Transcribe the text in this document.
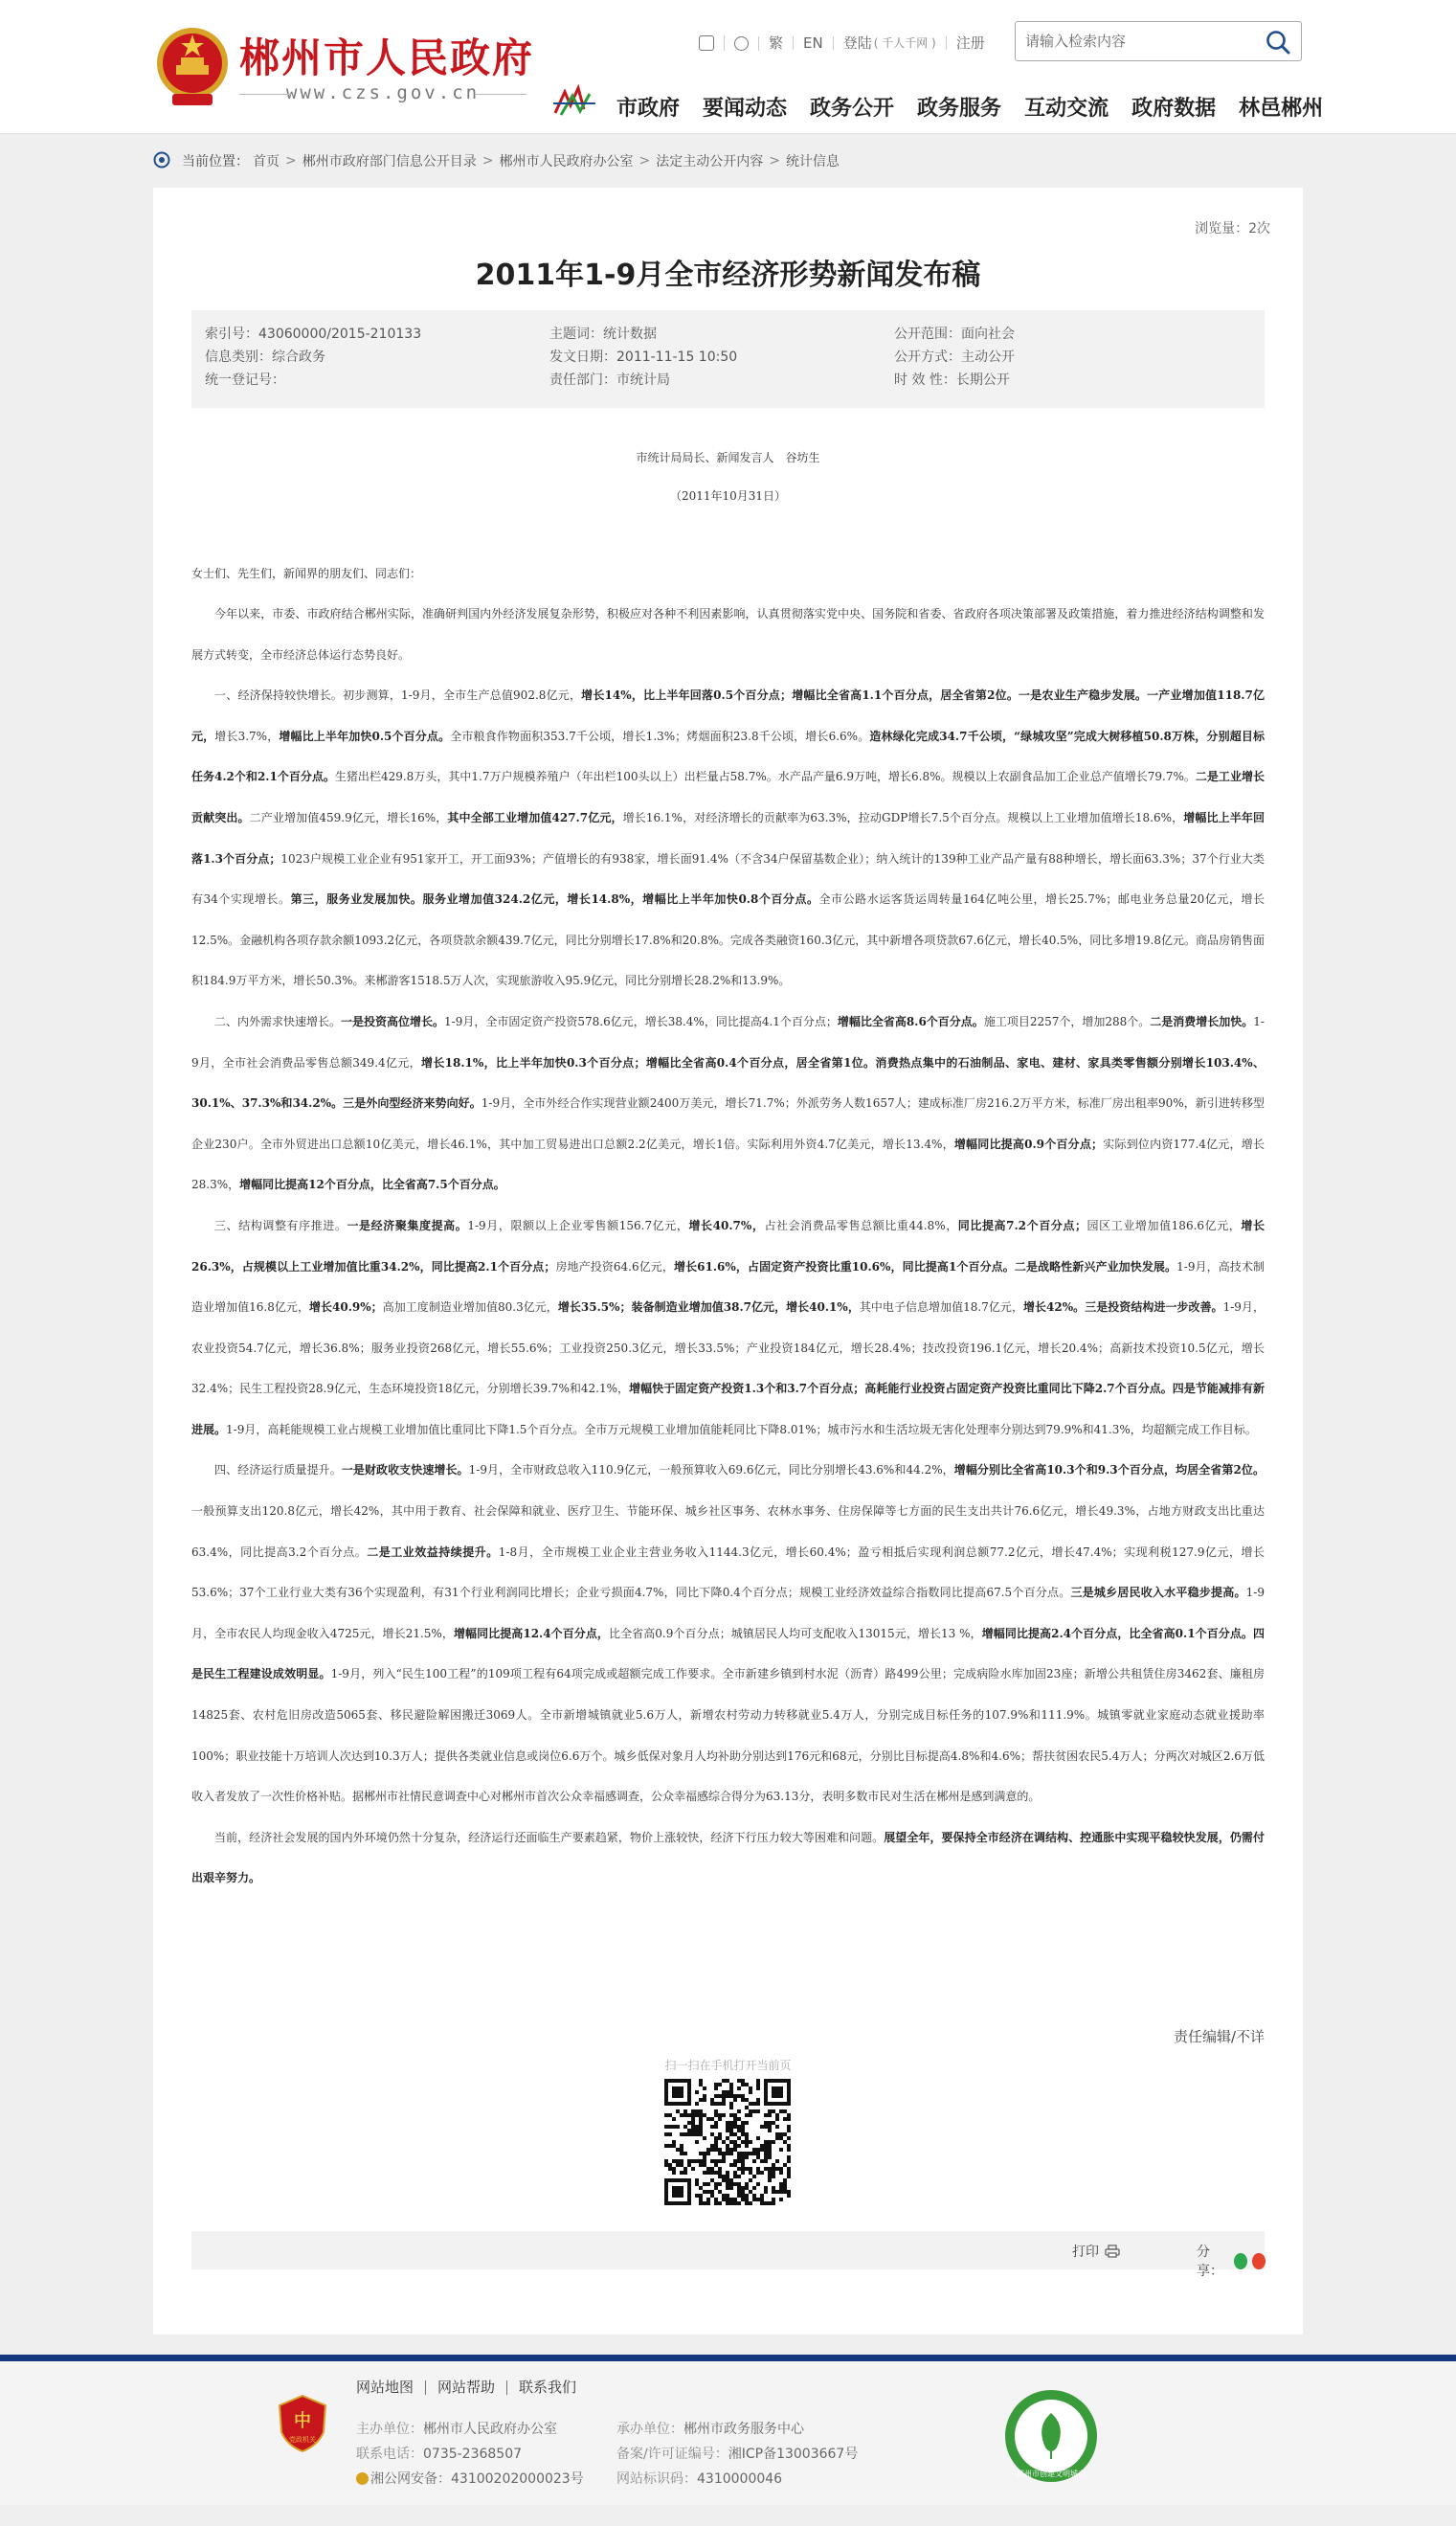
郴州市人民政府
www.czs.gov.cn
繁	EN	登陆 ( 千人千网 )	注册
请输入检索内容
市政府 要闻动态 政务公开 政务服务 互动交流 政府数据 林邑郴州
当前位置： 首页 > 郴州市政府部门信息公开目录 > 郴州市人民政府办公室 > 法定主动公开内容 > 统计信息
浏览量：2次
2011年1-9月全市经济形势新闻发布稿
索引号：43060000/2015-210133	主题词：统计数据	公开范围：面向社会
信息类别：综合政务	发文日期：2011-11-15 10:50	公开方式：主动公开
统一登记号：	责任部门：市统计局	时 效 性：长期公开

市统计局局长、新闻发言人　谷坊生

（2011年10月31日）

女士们、先生们，新闻界的朋友们、同志们：

今年以来，市委、市政府结合郴州实际，准确研判国内外经济发展复杂形势，积极应对各种不利因素影响，认真贯彻落实党中央、国务院和省委、省政府各项决策部署及政策措施，着力推进经济结构调整和发展方式转变，全市经济总体运行态势良好。

一、经济保持较快增长。初步测算，1-9月，全市生产总值902.8亿元，增长14%，比上半年回落0.5个百分点；增幅比全省高1.1个百分点，居全省第2位。一是农业生产稳步发展。一产业增加值118.7亿元，增长3.7%，增幅比上半年加快0.5个百分点。全市粮食作物面积353.7千公顷，增长1.3%；烤烟面积23.8千公顷，增长6.6%。造林绿化完成34.7千公顷，“绿城攻坚”完成大树移植50.8万株，分别超目标任务4.2个和2.1个百分点。生猪出栏429.8万头，其中1.7万户规模养殖户（年出栏100头以上）出栏量占58.7%。水产品产量6.9万吨，增长6.8%。规模以上农副食品加工企业总产值增长79.7%。二是工业增长贡献突出。二产业增加值459.9亿元，增长16%，其中全部工业增加值427.7亿元，增长16.1%，对经济增长的贡献率为63.3%，拉动GDP增长7.5个百分点。规模以上工业增加值增长18.6%，增幅比上半年回落1.3个百分点；1023户规模工业企业有951家开工，开工面93%；产值增长的有938家，增长面91.4%（不含34户保留基数企业）；纳入统计的139种工业产品产量有88种增长，增长面63.3%；37个行业大类有34个实现增长。第三，服务业发展加快。服务业增加值324.2亿元，增长14.8%，增幅比上半年加快0.8个百分点。全市公路水运客货运周转量164亿吨公里，增长25.7%；邮电业务总量20亿元，增长12.5%。金融机构各项存款余额1093.2亿元，各项贷款余额439.7亿元，同比分别增长17.8%和20.8%。完成各类融资160.3亿元，其中新增各项贷款67.6亿元，增长40.5%，同比多增19.8亿元。商品房销售面积184.9万平方米，增长50.3%。来郴游客1518.5万人次，实现旅游收入95.9亿元，同比分别增长28.2%和13.9%。

二、内外需求快速增长。一是投资高位增长。1-9月，全市固定资产投资578.6亿元，增长38.4%，同比提高4.1个百分点；增幅比全省高8.6个百分点。施工项目2257个，增加288个。二是消费增长加快。1-9月，全市社会消费品零售总额349.4亿元，增长18.1%，比上半年加快0.3个百分点；增幅比全省高0.4个百分点，居全省第1位。消费热点集中的石油制品、家电、建材、家具类零售额分别增长103.4%、30.1%、37.3%和34.2%。三是外向型经济来势向好。1-9月，全市外经合作实现营业额2400万美元，增长71.7%；外派劳务人数1657人；建成标准厂房216.2万平方米，标准厂房出租率90%，新引进转移型企业230户。全市外贸进出口总额10亿美元，增长46.1%，其中加工贸易进出口总额2.2亿美元，增长1倍。实际利用外资4.7亿美元，增长13.4%，增幅同比提高0.9个百分点；实际到位内资177.4亿元，增长28.3%，增幅同比提高12个百分点，比全省高7.5个百分点。

三、结构调整有序推进。一是经济聚集度提高。1-9月，限额以上企业零售额156.7亿元，增长40.7%，占社会消费品零售总额比重44.8%，同比提高7.2个百分点；园区工业增加值186.6亿元，增长26.3%，占规模以上工业增加值比重34.2%，同比提高2.1个百分点；房地产投资64.6亿元，增长61.6%，占固定资产投资比重10.6%，同比提高1个百分点。二是战略性新兴产业加快发展。1-9月，高技术制造业增加值16.8亿元，增长40.9%；高加工度制造业增加值80.3亿元，增长35.5%；装备制造业增加值38.7亿元，增长40.1%，其中电子信息增加值18.7亿元，增长42%。三是投资结构进一步改善。1-9月，农业投资54.7亿元，增长36.8%；服务业投资268亿元，增长55.6%；工业投资250.3亿元，增长33.5%；产业投资184亿元，增长28.4%；技改投资196.1亿元，增长20.4%；高新技术投资10.5亿元，增长32.4%；民生工程投资28.9亿元，生态环境投资18亿元，分别增长39.7%和42.1%，增幅快于固定资产投资1.3个和3.7个百分点；高耗能行业投资占固定资产投资比重同比下降2.7个百分点。四是节能减排有新进展。1-9月，高耗能规模工业占规模工业增加值比重同比下降1.5个百分点。全市万元规模工业增加值能耗同比下降8.01%；城市污水和生活垃圾无害化处理率分别达到79.9%和41.3%，均超额完成工作目标。

四、经济运行质量提升。一是财政收支快速增长。1-9月，全市财政总收入110.9亿元，一般预算收入69.6亿元，同比分别增长43.6%和44.2%，增幅分别比全省高10.3个和9.3个百分点，均居全省第2位。一般预算支出120.8亿元，增长42%，其中用于教育、社会保障和就业、医疗卫生、节能环保、城乡社区事务、农林水事务、住房保障等七方面的民生支出共计76.6亿元，增长49.3%，占地方财政支出比重达63.4%，同比提高3.2个百分点。二是工业效益持续提升。1-8月，全市规模工业企业主营业务收入1144.3亿元，增长60.4%；盈亏相抵后实现利润总额77.2亿元，增长47.4%；实现利税127.9亿元，增长53.6%；37个工业行业大类有36个实现盈利，有31个行业利润同比增长；企业亏损面4.7%，同比下降0.4个百分点；规模工业经济效益综合指数同比提高67.5个百分点。三是城乡居民收入水平稳步提高。1-9月，全市农民人均现金收入4725元，增长21.5%，增幅同比提高12.4个百分点，比全省高0.9个百分点；城镇居民人均可支配收入13015元，增长13 %，增幅同比提高2.4个百分点，比全省高0.1个百分点。四是民生工程建设成效明显。1-9月，列入“民生100工程”的109项工程有64项完成或超额完成工作要求。全市新建乡镇到村水泥（沥青）路499公里；完成病险水库加固23座；新增公共租赁住房3462套、廉租房14825套、农村危旧房改造5065套、移民避险解困搬迁3069人。全市新增城镇就业5.6万人，新增农村劳动力转移就业5.4万人，分别完成目标任务的107.9%和111.9%。城镇零就业家庭动态就业援助率100%；职业技能十万培训人次达到10.3万人；提供各类就业信息或岗位6.6万个。城乡低保对象月人均补助分别达到176元和68元，分别比目标提高4.8%和4.6%；帮扶贫困农民5.4万人；分两次对城区2.6万低收入者发放了一次性价格补贴。据郴州市社情民意调查中心对郴州市首次公众幸福感调查，公众幸福感综合得分为63.13分，表明多数市民对生活在郴州是感到满意的。

当前，经济社会发展的国内外环境仍然十分复杂，经济运行还面临生产要素趋紧，物价上涨较快，经济下行压力较大等困难和问题。展望全年，要保持全市经济在调结构、控通胀中实现平稳较快发展，仍需付出艰辛努力。

责任编辑/不详
扫一扫在手机打开当前页
打印	分享：
中
党政机关
网站地图	网站帮助	联系我们
主办单位：郴州市人民政府办公室	承办单位：郴州市政务服务中心
联系电话：0735-2368507	备案/许可证编号：湘ICP备13003667号
湘公网安备：43100202000023号 网站标识码：4310000046	郴州市创建文明城市
